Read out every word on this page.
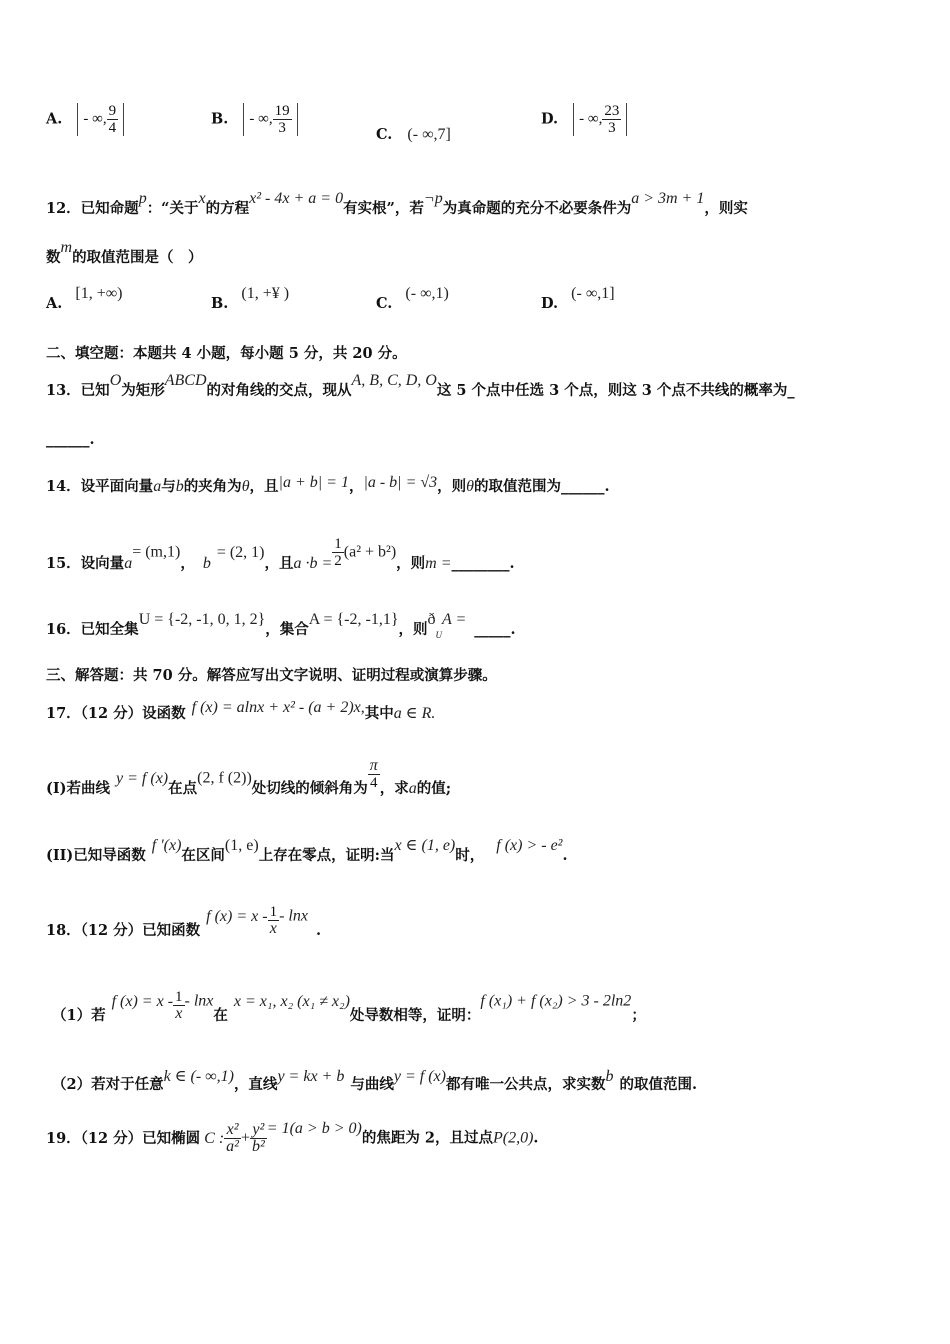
A. - ∞, $\frac{9}{4}$	B. - ∞, $\frac{19}{3}$	C. (- ∞,7]
D. - ∞, $\frac{23}{3}$
12．已知命题p：“关于x的方程x² - 4x + a = 0有实根”，若¬p为真命题的充分不必要条件为a > 3m + 1，则实
数m的取值范围是（　）
A. [1, +∞)
B. (1, +¥ )
C. (- ∞,1)
D. (- ∞,1]
二、填空题：本题共 4 小题，每小题 5 分，共 20 分。
13．已知O为矩形ABCD的对角线的交点，现从A, B, C, D, O这 5 个点中任选 3 个点，则这 3 个点不共线的概率为_
______.
14．设平面向量a与b的夹角为θ，且|a + b| = 1，|a - b| = √3，则θ的取值范围为______.
15．设向量a= (m,1)， b= (2, 1)，且$a \cdot b = \frac{1}{2} (a^2 + b^2)$，则m =________.
16．已知全集U = {-2, -1, 0, 1, 2}，集合A = {-2, -1,1}，则$ð_UA$ =_____.
三、解答题：共 70 分。解答应写出文字说明、证明过程或演算步骤。
17．（12 分）设函数 f (x) = alnx + x² - (a + 2)x,其中a ∈ R.
(I)若曲线y = f (x)在点(2, f (2))处切线的倾斜角为 $\frac{\pi}{4}$ ，求a的值;
(II)已知导函数f '(x)在区间(1, e)上存在零点，证明:当x ∈ (1, e)时，f (x) > - e².
18．（12 分）已知函数f $(x) = x - \frac{1}{x} - \ln x$.
（1）若f $(x) = x - \frac{1}{x} - \ln x$在x = x₁, x₂ (x₁ ≠ x₂)处导数相等，证明：f (x₁) + f (x₂) > 3 - 2ln2；
（2）若对于任意k ∈ (- ∞,1)，直线y = kx + b 与曲线y = f (x)都有唯一公共点，求实数b 的取值范围.
19．（12 分）已知椭圆 C : $\frac{\text{x²}}{\text{a²}} + \frac{\text{y²}}{\text{b²}} = 1(a > b > 0)$的焦距为 2，且过点P(2,0).
